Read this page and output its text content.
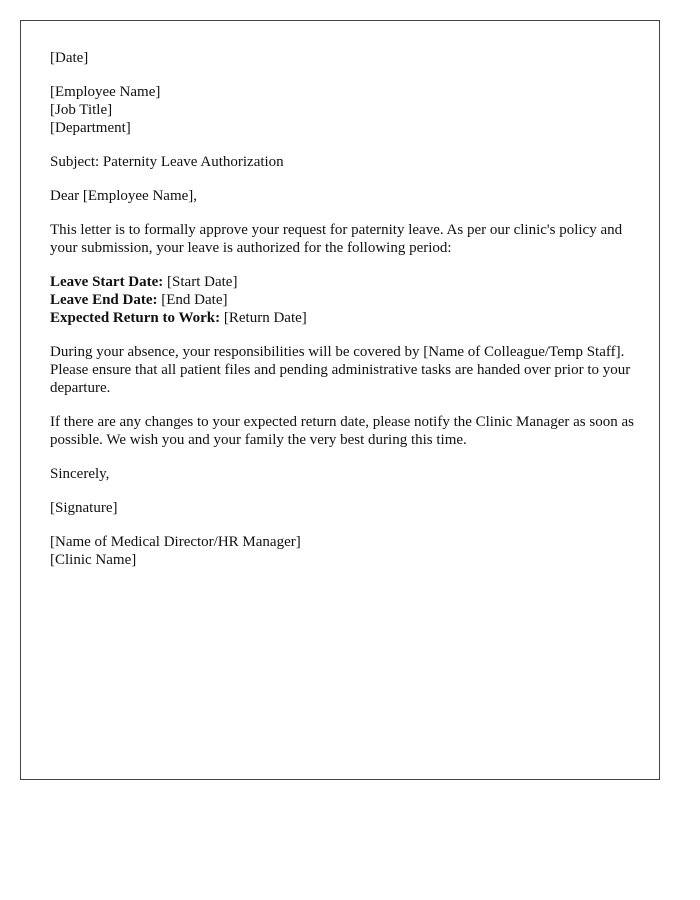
[Date]
[Employee Name]
[Job Title]
[Department]
Subject: Paternity Leave Authorization
Dear [Employee Name],
This letter is to formally approve your request for paternity leave. As per our clinic's policy and your submission, your leave is authorized for the following period:
Leave Start Date: [Start Date]
Leave End Date: [End Date]
Expected Return to Work: [Return Date]
During your absence, your responsibilities will be covered by [Name of Colleague/Temp Staff]. Please ensure that all patient files and pending administrative tasks are handed over prior to your departure.
If there are any changes to your expected return date, please notify the Clinic Manager as soon as possible. We wish you and your family the very best during this time.
Sincerely,
[Signature]
[Name of Medical Director/HR Manager]
[Clinic Name]
